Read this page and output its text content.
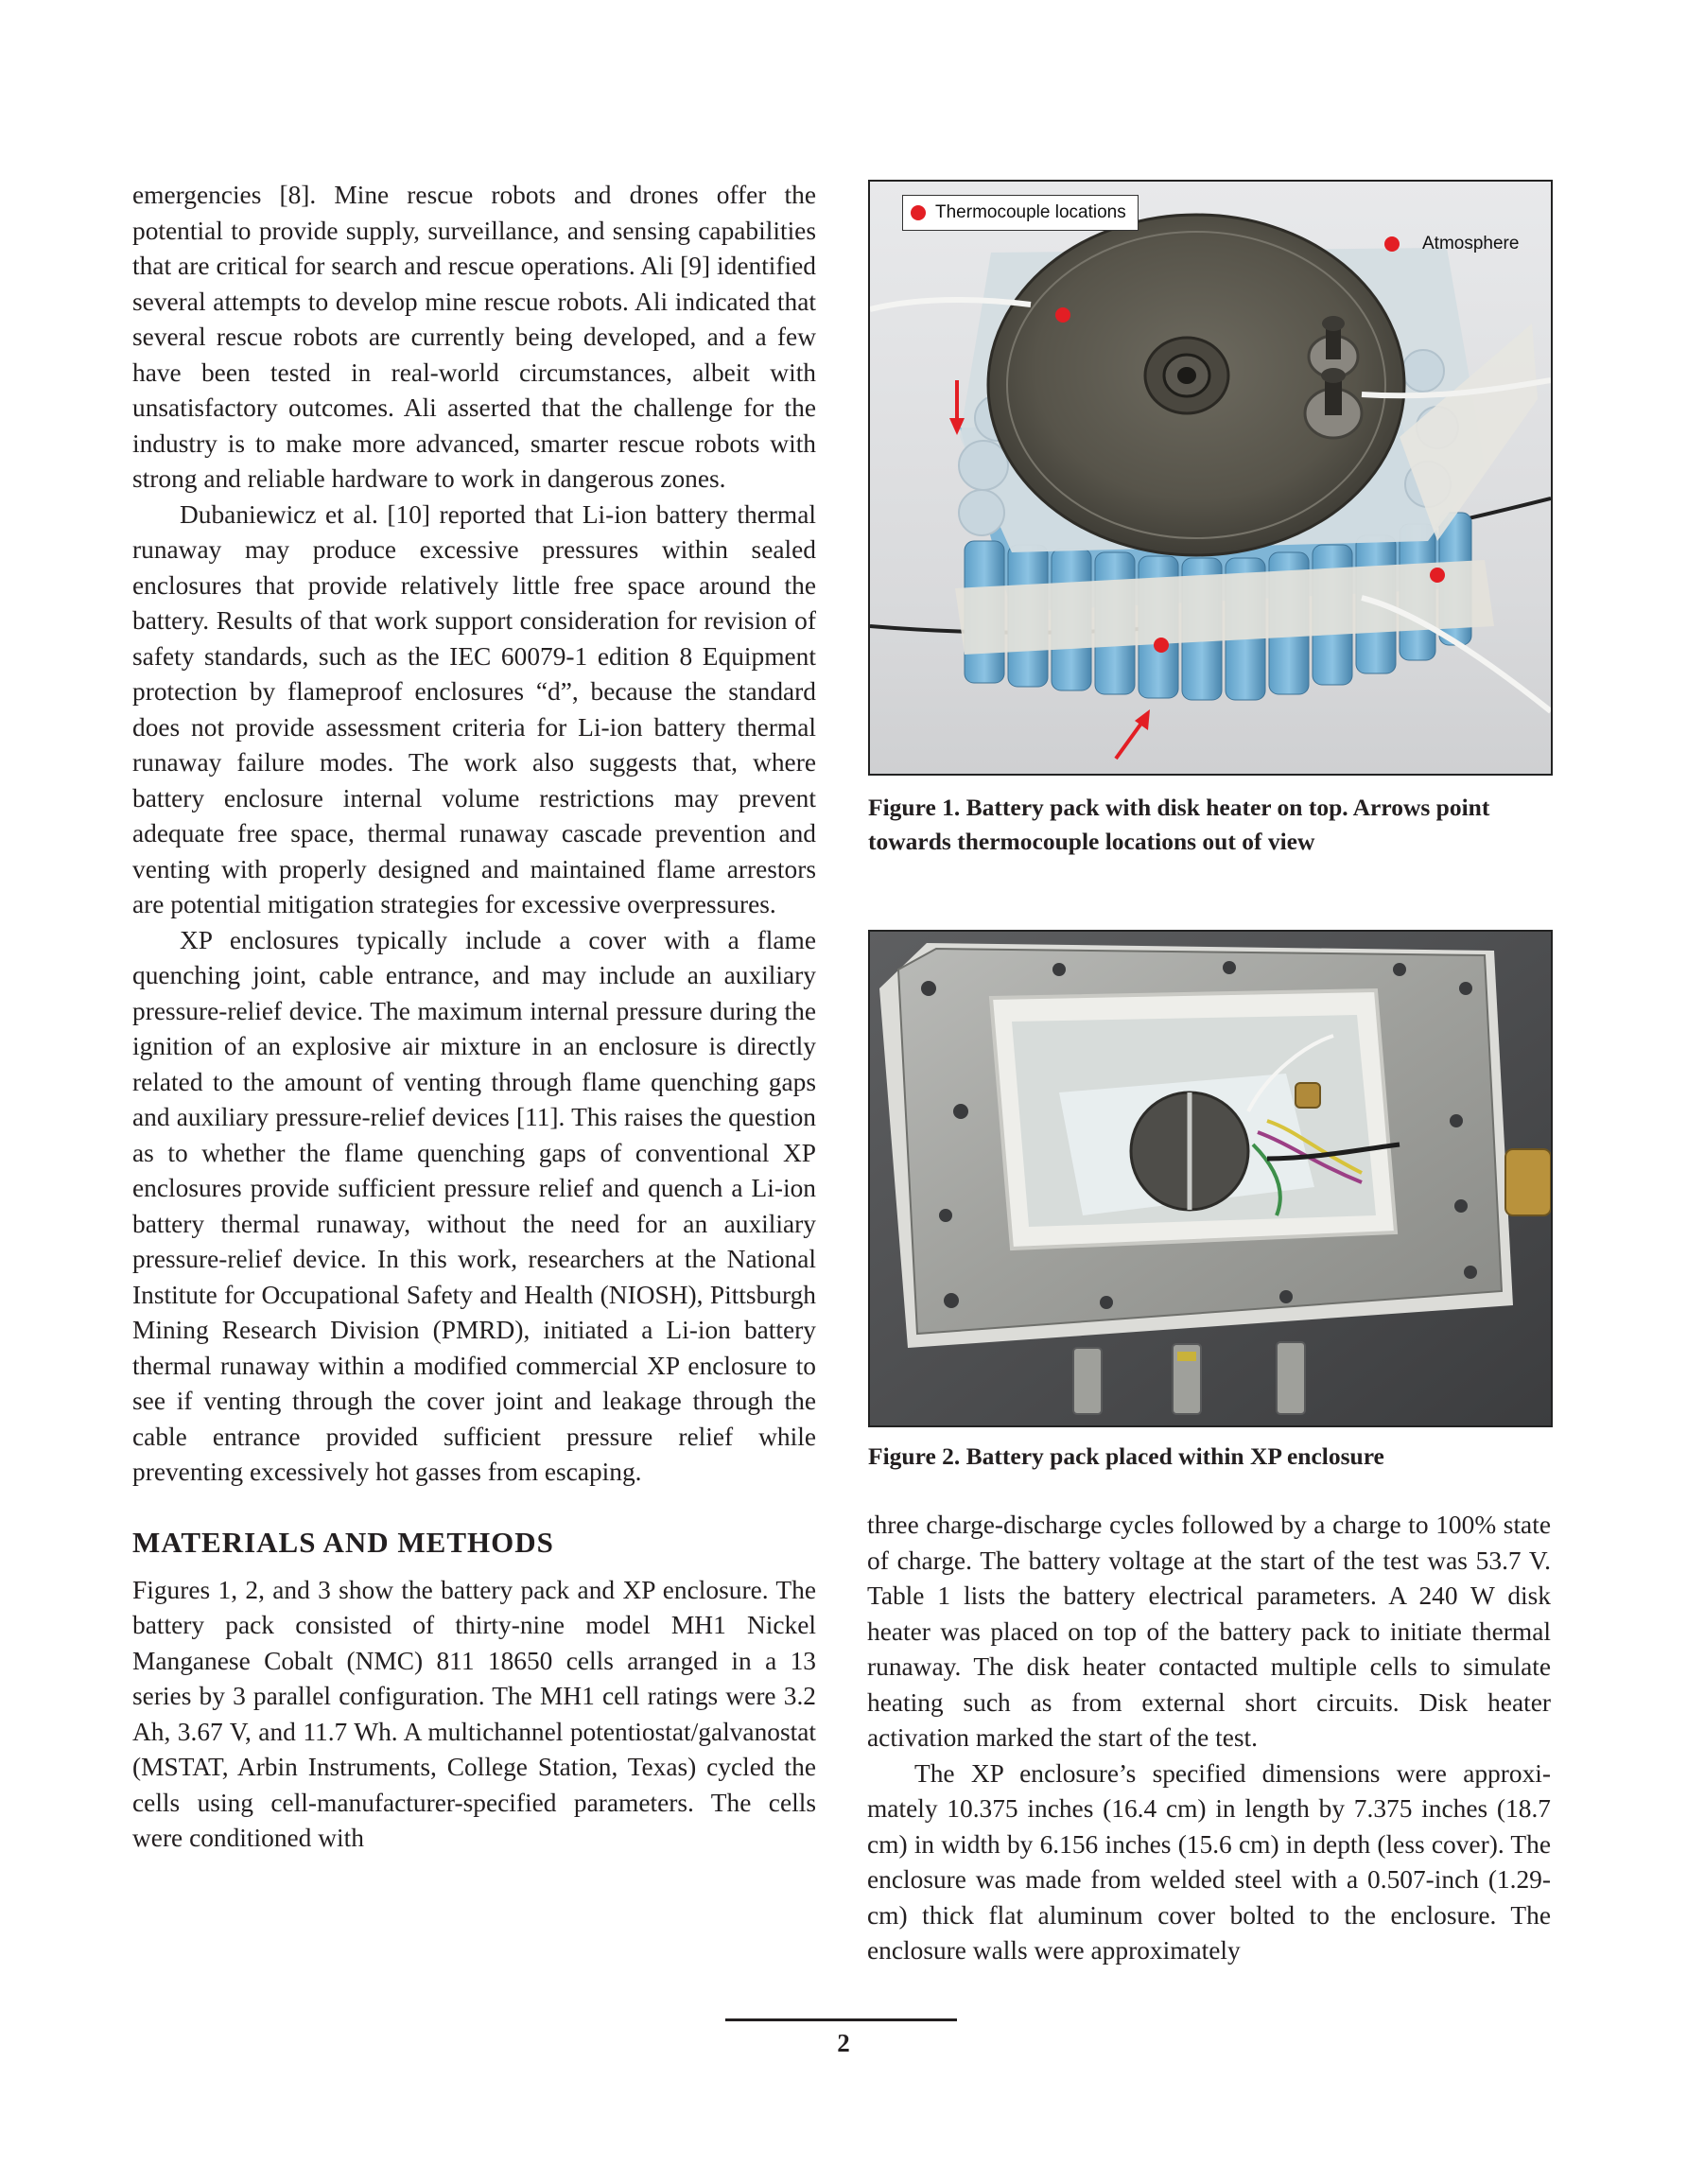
emergencies [8]. Mine rescue robots and drones offer the potential to provide supply, surveillance, and sensing capabilities that are critical for search and rescue operations. Ali [9] identified several attempts to develop mine rescue robots. Ali indicated that several rescue robots are currently being developed, and a few have been tested in real-world circumstances, albeit with unsatisfactory outcomes. Ali asserted that the challenge for the industry is to make more advanced, smarter rescue robots with strong and reliable hardware to work in dangerous zones.

Dubaniewicz et al. [10] reported that Li-ion battery thermal runaway may produce excessive pressures within sealed enclosures that provide relatively little free space around the battery. Results of that work support consideration for revision of safety standards, such as the IEC 60079-1 edition 8 Equipment protection by flameproof enclosures “d”, because the standard does not provide assessment criteria for Li-ion battery thermal runaway failure modes. The work also suggests that, where battery enclosure internal volume restrictions may prevent adequate free space, thermal runaway cascade prevention and venting with properly designed and maintained flame arrestors are potential mitigation strategies for excessive overpressures.

XP enclosures typically include a cover with a flame quenching joint, cable entrance, and may include an auxiliary pressure-relief device. The maximum internal pressure during the ignition of an explosive air mixture in an enclosure is directly related to the amount of venting through flame quenching gaps and auxiliary pressure-relief devices [11]. This raises the question as to whether the flame quenching gaps of conventional XP enclosures provide sufficient pressure relief and quench a Li-ion battery thermal runaway, without the need for an auxiliary pressure-relief device. In this work, researchers at the National Institute for Occupational Safety and Health (NIOSH), Pittsburgh Mining Research Division (PMRD), initiated a Li-ion battery thermal runaway within a modified commercial XP enclosure to see if venting through the cover joint and leakage through the cable entrance provided sufficient pressure relief while preventing excessively hot gasses from escaping.

MATERIALS AND METHODS

Figures 1, 2, and 3 show the battery pack and XP enclosure. The battery pack consisted of thirty-nine model MH1 Nickel Manganese Cobalt (NMC) 811 18650 cells arranged in a 13 series by 3 parallel configuration. The MH1 cell ratings were 3.2 Ah, 3.67 V, and 11.7 Wh. A multichannel potentiostat/galvanostat (MSTAT, Arbin Instruments, College Station, Texas) cycled the cells using cell-manufacturer-specified parameters. The cells were conditioned with

Thermocouple locations
Atmosphere
Figure 1. Battery pack with disk heater on top. Arrows point towards thermocouple locations out of view
Figure 2. Battery pack placed within XP enclosure

three charge-discharge cycles followed by a charge to 100% state of charge. The battery voltage at the start of the test was 53.7 V. Table 1 lists the battery electrical parameters. A 240 W disk heater was placed on top of the battery pack to initiate thermal runaway. The disk heater contacted multiple cells to simulate heating such as from external short circuits. Disk heater activation marked the start of the test.

The XP enclosure’s specified dimensions were approximately 10.375 inches (16.4 cm) in length by 7.375 inches (18.7 cm) in width by 6.156 inches (15.6 cm) in depth (less cover). The enclosure was made from welded steel with a 0.507-inch (1.29-cm) thick flat aluminum cover bolted to the enclosure. The enclosure walls were approximately

2
